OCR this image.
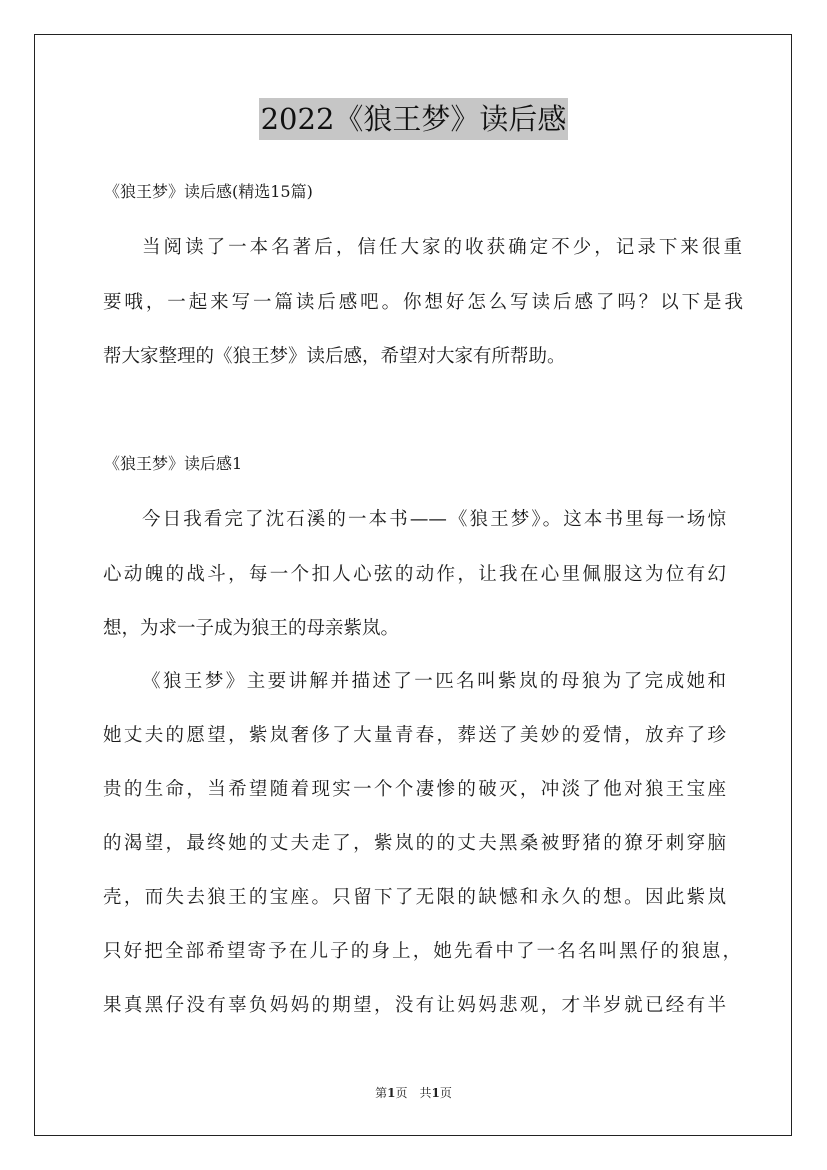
2022《狼王梦》读后感
《狼王梦》读后感(精选15篇)
当阅读了一本名著后，信任大家的收获确定不少，记录下来很重
要哦，一起来写一篇读后感吧。你想好怎么写读后感了吗？以下是我
帮大家整理的《狼王梦》读后感，希望对大家有所帮助。
《狼王梦》读后感1
今日我看完了沈石溪的一本书——《狼王梦》。这本书里每一场惊
心动魄的战斗，每一个扣人心弦的动作，让我在心里佩服这为位有幻
想，为求一子成为狼王的母亲紫岚。
《狼王梦》主要讲解并描述了一匹名叫紫岚的母狼为了完成她和
她丈夫的愿望，紫岚奢侈了大量青春，葬送了美妙的爱情，放弃了珍
贵的生命，当希望随着现实一个个凄惨的破灭，冲淡了他对狼王宝座
的渴望，最终她的丈夫走了，紫岚的的丈夫黑桑被野猪的獠牙刺穿脑
壳，而失去狼王的宝座。只留下了无限的缺憾和永久的想。因此紫岚
只好把全部希望寄予在儿子的身上，她先看中了一名名叫黑仔的狼崽，
果真黑仔没有辜负妈妈的期望，没有让妈妈悲观，才半岁就已经有半
第1页　共1页
